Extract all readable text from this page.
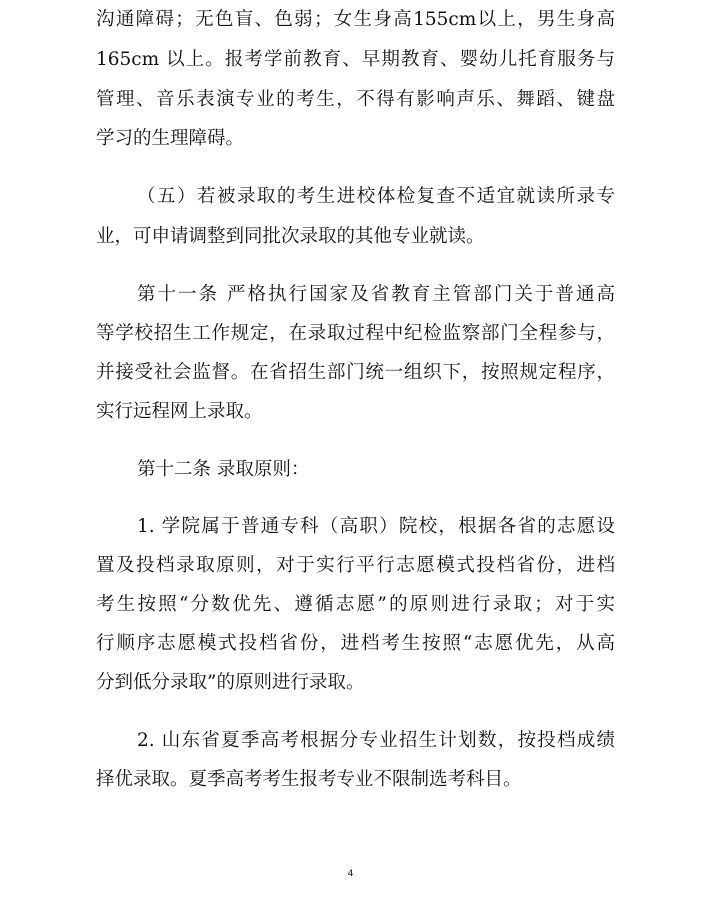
沟通障碍；无色盲、色弱；女生身高155cm以上，男生身高
165cm 以上。报考学前教育、早期教育、婴幼儿托育服务与
管理、音乐表演专业的考生，不得有影响声乐、舞蹈、键盘
学习的生理障碍。
（五）若被录取的考生进校体检复查不适宜就读所录专
业，可申请调整到同批次录取的其他专业就读。
第十一条 严格执行国家及省教育主管部门关于普通高
等学校招生工作规定，在录取过程中纪检监察部门全程参与，
并接受社会监督。在省招生部门统一组织下，按照规定程序，
实行远程网上录取。
第十二条 录取原则：
1. 学院属于普通专科（高职）院校，根据各省的志愿设
置及投档录取原则，对于实行平行志愿模式投档省份，进档
考生按照“分数优先、遵循志愿”的原则进行录取；对于实
行顺序志愿模式投档省份，进档考生按照“志愿优先，从高
分到低分录取”的原则进行录取。
2. 山东省夏季高考根据分专业招生计划数，按投档成绩
择优录取。夏季高考考生报考专业不限制选考科目。
4
